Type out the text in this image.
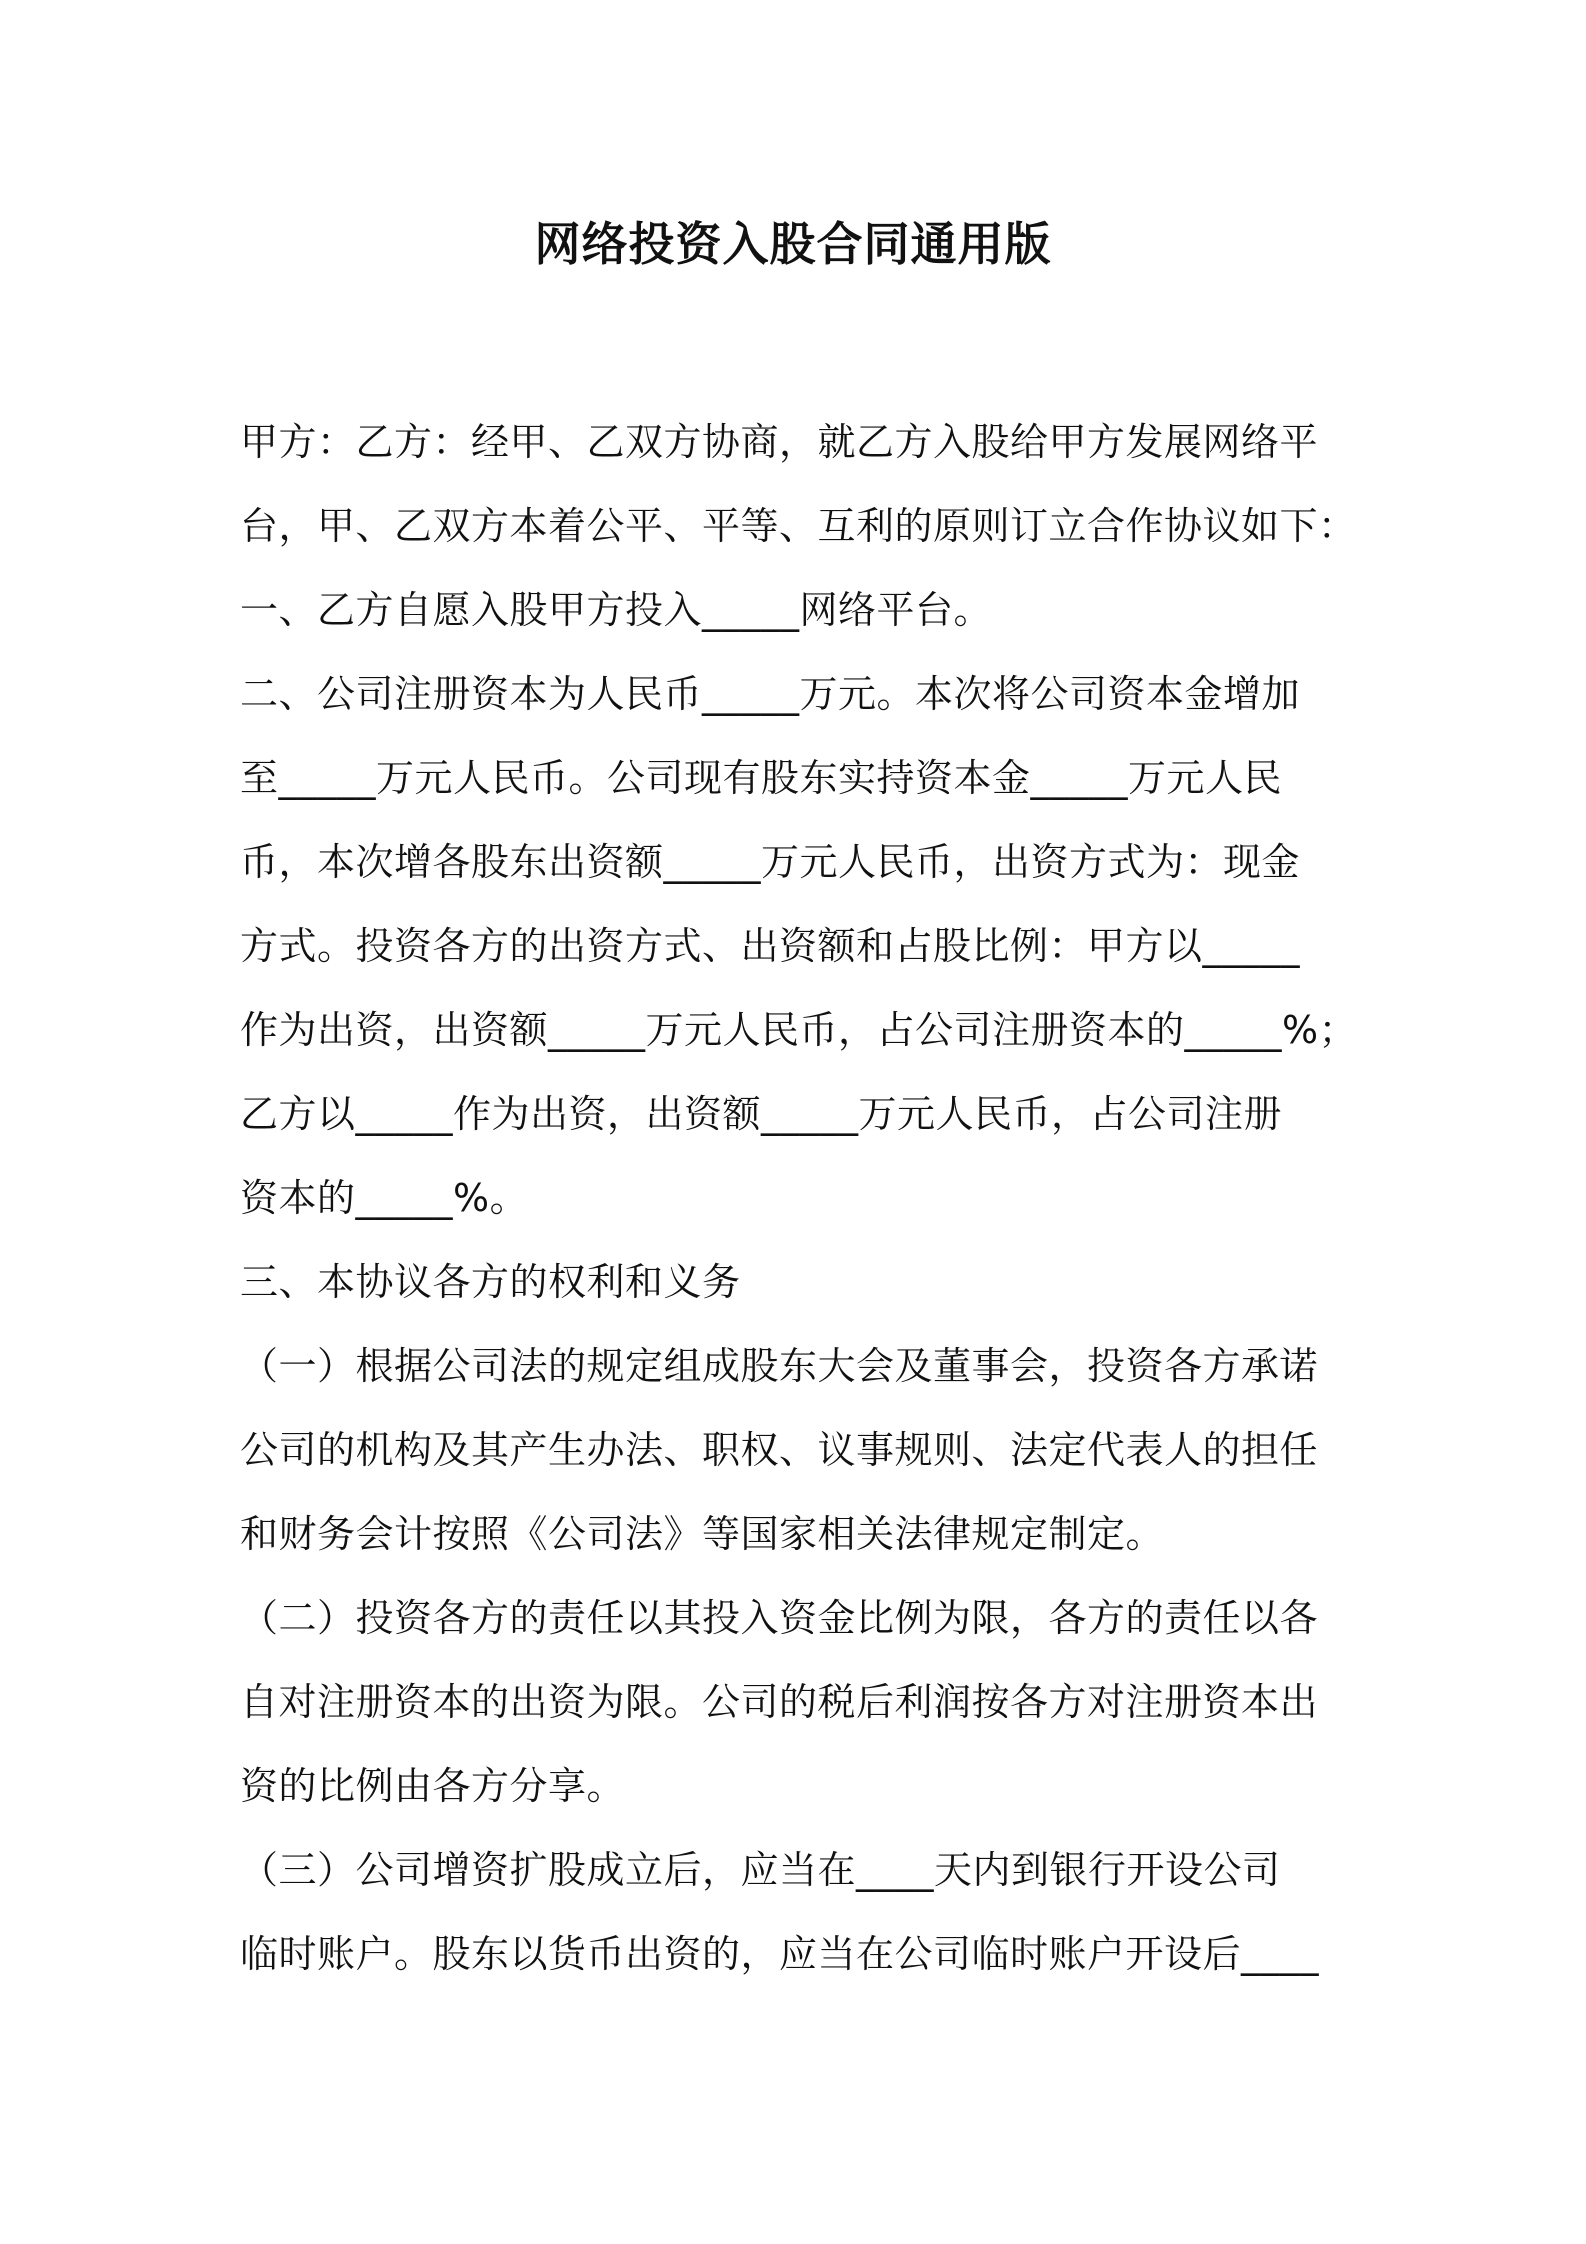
网络投资入股合同通用版
甲方：乙方：经甲、乙双方协商，就乙方入股给甲方发展网络平
台，甲、乙双方本着公平、平等、互利的原则订立合作协议如下：
一、乙方自愿入股甲方投入_____网络平台。
二、公司注册资本为人民币_____万元。本次将公司资本金增加
至_____万元人民币。公司现有股东实持资本金_____万元人民
币，本次增各股东出资额_____万元人民币，出资方式为：现金
方式。投资各方的出资方式、出资额和占股比例：甲方以_____
作为出资，出资额_____万元人民币，占公司注册资本的_____%；
乙方以_____作为出资，出资额_____万元人民币，占公司注册
资本的_____%。
三、本协议各方的权利和义务
（一）根据公司法的规定组成股东大会及董事会，投资各方承诺
公司的机构及其产生办法、职权、议事规则、法定代表人的担任
和财务会计按照《公司法》等国家相关法律规定制定。
（二）投资各方的责任以其投入资金比例为限，各方的责任以各
自对注册资本的出资为限。公司的税后利润按各方对注册资本出
资的比例由各方分享。
（三）公司增资扩股成立后，应当在____天内到银行开设公司
临时账户。股东以货币出资的，应当在公司临时账户开设后____
